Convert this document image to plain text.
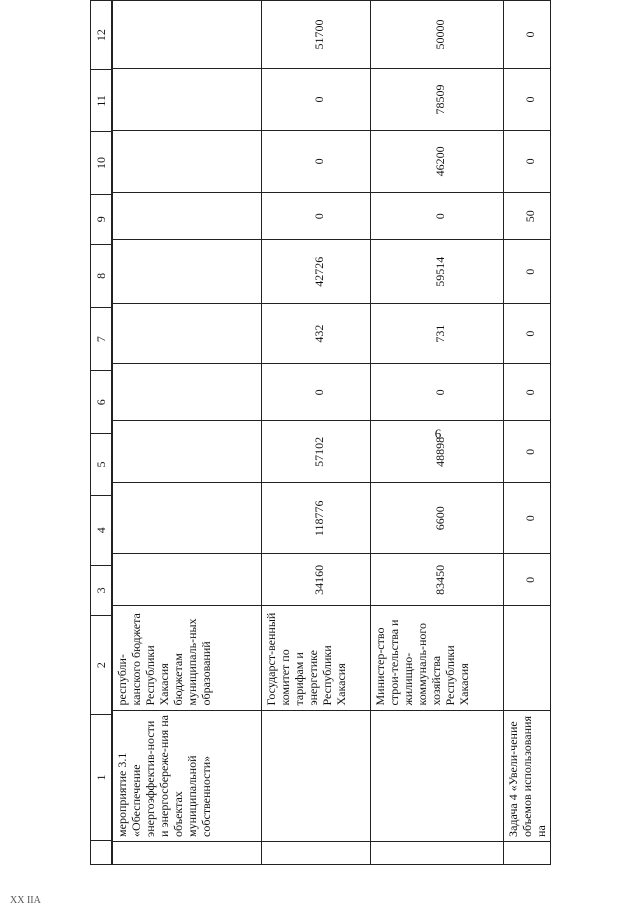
6
XX IIA
	1	2	3	4	5	6	7	8	9	10	11	12
	мероприятие 3.1 «Обеспечение энергоэффектив-ности и энергосбереже-ния на объектах муниципальной собственности»	республи-канского бюджета Республики Хакасия бюджетам муниципаль-ных образований										
		Государст-венный комитет по тарифам и энергетике Республики Хакасия	34160	118776	57102	0	432	42726	0	0	0	51700
		Министер-ство строи-тельства и жилищно-коммуналь-ного хозяйства Республики Хакасия	83450	6600	48898	0	731	59514	0	46200	78509	50000
	Задача 4 «Увели-чение объемов использования на		0	0	0	0	0	0	50	0	0	0
